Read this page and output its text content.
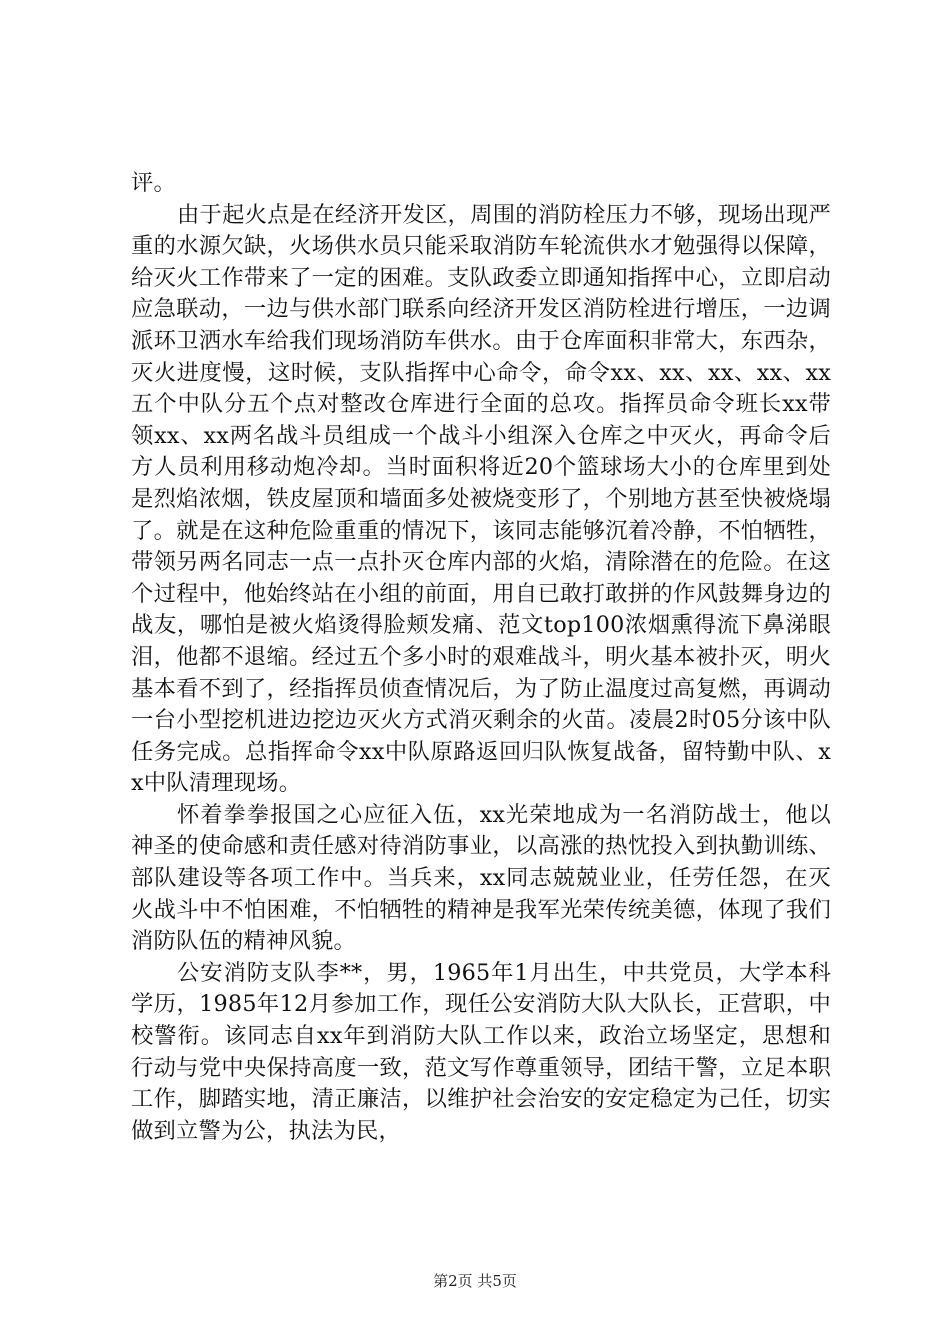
评。

由于起火点是在经济开发区，周围的消防栓压力不够，现场出现严重的水源欠缺，火场供水员只能采取消防车轮流供水才勉强得以保障，给灭火工作带来了一定的困难。支队政委立即通知指挥中心，立即启动应急联动，一边与供水部门联系向经济开发区消防栓进行增压，一边调派环卫洒水车给我们现场消防车供水。由于仓库面积非常大，东西杂，灭火进度慢，这时候，支队指挥中心命令，命令xx、xx、xx、xx、xx五个中队分五个点对整改仓库进行全面的总攻。指挥员命令班长xx带领xx、xx两名战斗员组成一个战斗小组深入仓库之中灭火，再命令后方人员利用移动炮冷却。当时面积将近20个篮球场大小的仓库里到处是烈焰浓烟，铁皮屋顶和墙面多处被烧变形了，个别地方甚至快被烧塌了。就是在这种危险重重的情况下，该同志能够沉着冷静，不怕牺牲，带领另两名同志一点一点扑灭仓库内部的火焰，清除潜在的危险。在这个过程中，他始终站在小组的前面，用自已敢打敢拼的作风鼓舞身边的战友，哪怕是被火焰烫得脸颊发痛、范文top100浓烟熏得流下鼻涕眼泪，他都不退缩。经过五个多小时的艰难战斗，明火基本被扑灭，明火基本看不到了，经指挥员侦查情况后，为了防止温度过高复燃，再调动一台小型挖机进边挖边灭火方式消灭剩余的火苗。凌晨2时05分该中队任务完成。总指挥命令xx中队原路返回归队恢复战备，留特勤中队、xx中队清理现场。

怀着拳拳报国之心应征入伍，xx光荣地成为一名消防战士，他以神圣的使命感和责任感对待消防事业，以高涨的热忱投入到执勤训练、部队建设等各项工作中。当兵来，xx同志兢兢业业，任劳任怨，在灭火战斗中不怕困难，不怕牺牲的精神是我军光荣传统美德，体现了我们消防队伍的精神风貌。

公安消防支队李**，男，1965年1月出生，中共党员，大学本科学历，1985年12月参加工作，现任公安消防大队大队长，正营职，中校警衔。该同志自xx年到消防大队工作以来，政治立场坚定，思想和行动与党中央保持高度一致，范文写作尊重领导，团结干警，立足本职工作，脚踏实地，清正廉洁，以维护社会治安的安定稳定为己任，切实做到立警为公，执法为民，

第2页 共5页
